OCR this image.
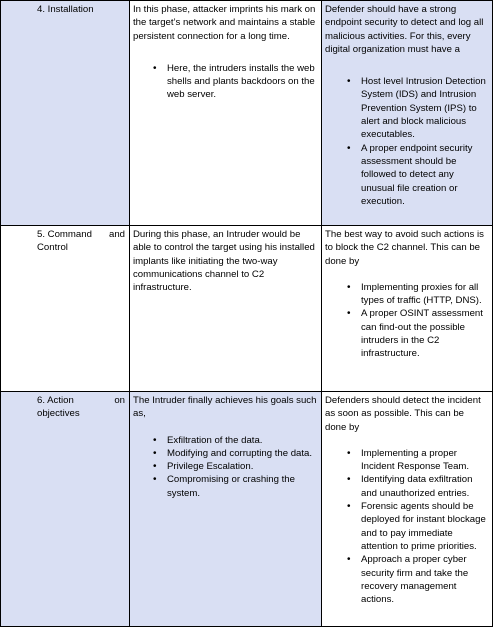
4. Installation	In this phase, attacker imprints his mark on the target’s network and maintains a stable persistent connection for a long time.

• Here, the intruders installs the web shells and plants backdoors on the web server.

Defender should have a strong endpoint security to detect and log all malicious activities. For this, every digital organization must have a

• Host level Intrusion Detection System (IDS) and Intrusion Prevention System (IPS) to alert and block malicious executables.
• A proper endpoint security assessment should be followed to detect any unusual file creation or execution.
5. Command and

Control

During this phase, an Intruder would be able to control the target using his installed implants like initiating the two-way communications channel to C2 infrastructure.

The best way to avoid such actions is to block the C2 channel. This can be done by

• Implementing proxies for all types of traffic (HTTP, DNS).
• A proper OSINT assessment can find-out the possible intruders in the C2 infrastructure.
6. Action	on

objectives

The Intruder finally achieves his goals such as,

• Exfiltration of the data.
• Modifying and corrupting the data.
• Privilege Escalation.
• Compromising or crashing the system.

Defenders should detect the incident as soon as possible. This can be done by

• Implementing a proper Incident Response Team.
• Identifying data exfiltration and unauthorized entries.
• Forensic agents should be deployed for instant blockage and to pay immediate attention to prime priorities.
• Approach a proper cyber security firm and take the recovery management actions.
